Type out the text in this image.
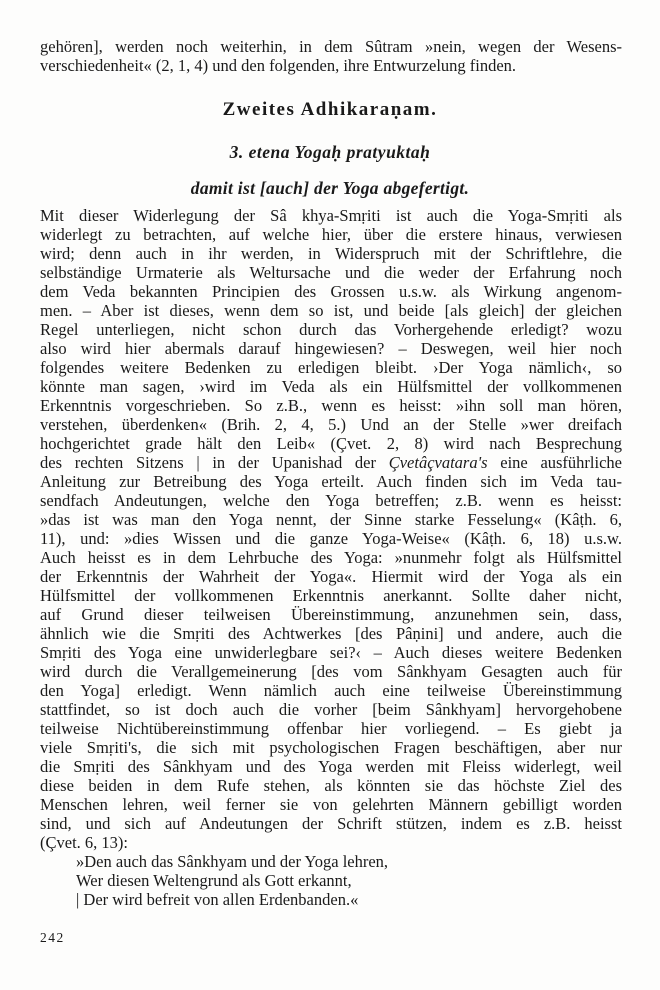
gehören], werden noch weiterhin, in dem Sûtram »nein, wegen der Wesens-
verschiedenheit« (2, 1, 4) und den folgenden, ihre Entwurzelung finden.

Zweites Adhikaraṇam.

3. etena Yogaḥ pratyuktaḥ

damit ist [auch] der Yoga abgefertigt.

Mit dieser Widerlegung der Sâ khya-Smṛiti ist auch die Yoga-Smṛiti als
widerlegt zu betrachten, auf welche hier, über die erstere hinaus, verwiesen
wird; denn auch in ihr werden, in Widerspruch mit der Schriftlehre, die
selbständige Urmaterie als Weltursache und die weder der Erfahrung noch
dem Veda bekannten Principien des Grossen u.s.w. als Wirkung angenom-
men. – Aber ist dieses, wenn dem so ist, und beide [als gleich] der gleichen
Regel unterliegen, nicht schon durch das Vorhergehende erledigt? wozu
also wird hier abermals darauf hingewiesen? – Deswegen, weil hier noch
folgendes weitere Bedenken zu erledigen bleibt. ›Der Yoga nämlich‹, so
könnte man sagen, ›wird im Veda als ein Hülfsmittel der vollkommenen
Erkenntnis vorgeschrieben. So z.B., wenn es heisst: »ihn soll man hören,
verstehen, überdenken« (Brih. 2, 4, 5.) Und an der Stelle »wer dreifach
hochgerichtet grade hält den Leib« (Çvet. 2, 8) wird nach Besprechung
des rechten Sitzens | in der Upanishad der Çvetâçvatara's eine ausführliche
Anleitung zur Betreibung des Yoga erteilt. Auch finden sich im Veda tau-
sendfach Andeutungen, welche den Yoga betreffen; z.B. wenn es heisst:
»das ist was man den Yoga nennt, der Sinne starke Fesselung« (Kâṭh. 6,
11), und: »dies Wissen und die ganze Yoga-Weise« (Kâṭh. 6, 18) u.s.w.
Auch heisst es in dem Lehrbuche des Yoga: »nunmehr folgt als Hülfsmittel
der Erkenntnis der Wahrheit der Yoga«. Hiermit wird der Yoga als ein
Hülfsmittel der vollkommenen Erkenntnis anerkannt. Sollte daher nicht,
auf Grund dieser teilweisen Übereinstimmung, anzunehmen sein, dass,
ähnlich wie die Smṛiti des Achtwerkes [des Pâṇini] und andere, auch die
Smṛiti des Yoga eine unwiderlegbare sei?‹ – Auch dieses weitere Bedenken
wird durch die Verallgemeinerung [des vom Sânkhyam Gesagten auch für
den Yoga] erledigt. Wenn nämlich auch eine teilweise Übereinstimmung
stattfindet, so ist doch auch die vorher [beim Sânkhyam] hervorgehobene
teilweise Nichtübereinstimmung offenbar hier vorliegend. – Es giebt ja
viele Smṛiti's, die sich mit psychologischen Fragen beschäftigen, aber nur
die Smṛiti des Sânkhyam und des Yoga werden mit Fleiss widerlegt, weil
diese beiden in dem Rufe stehen, als könnten sie das höchste Ziel des
Menschen lehren, weil ferner sie von gelehrten Männern gebilligt worden
sind, und sich auf Andeutungen der Schrift stützen, indem es z.B. heisst
(Çvet. 6, 13):
»Den auch das Sânkhyam und der Yoga lehren,
Wer diesen Weltengrund als Gott erkannt,
| Der wird befreit von allen Erdenbanden.«
242
